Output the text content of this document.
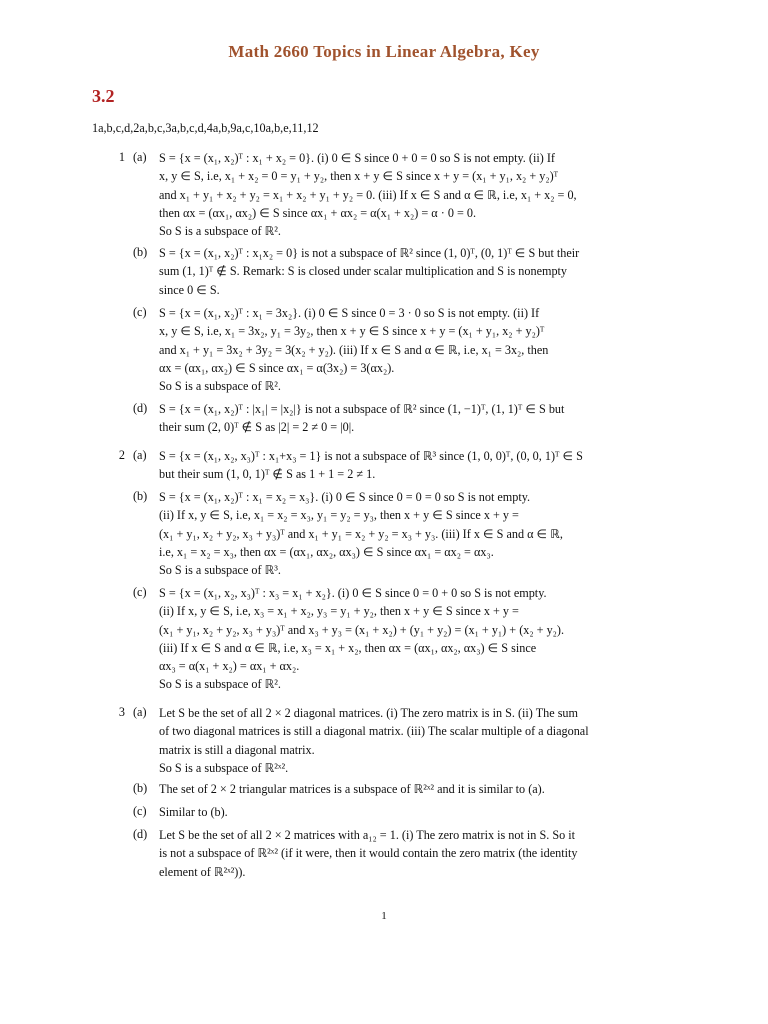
Math 2660 Topics in Linear Algebra, Key
3.2
1a,b,c,d,2a,b,c,3a,b,c,d,4a,b,9a,c,10a,b,e,11,12
1 (a)	S = {x = (x₁, x₂)ᵀ : x₁ + x₂ = 0}. (i) 0 ∈ S since 0 + 0 = 0 so S is not empty. (ii) If
x, y ∈ S, i.e, x₁ + x₂ = 0 = y₁ + y₂, then x + y ∈ S since x + y = (x₁ + y₁, x₂ + y₂)ᵀ
and x₁ + y₁ + x₂ + y₂ = x₁ + x₂ + y₁ + y₂ = 0. (iii) If x ∈ S and α ∈ ℝ, i.e, x₁ + x₂ = 0,
then αx = (αx₁, αx₂) ∈ S since αx₁ + αx₂ = α(x₁ + x₂) = α · 0 = 0.
So S is a subspace of ℝ².
(b) S = {x = (x₁, x₂)ᵀ : x₁x₂ = 0} is not a subspace of ℝ² since (1, 0)ᵀ, (0, 1)ᵀ ∈ S but their
sum (1, 1)ᵀ ∉ S. Remark: S is closed under scalar multiplication and S is nonempty
since 0 ∈ S.
(c)	S = {x = (x₁, x₂)ᵀ : x₁ = 3x₂}. (i) 0 ∈ S since 0 = 3 · 0 so S is not empty. (ii) If
x, y ∈ S, i.e, x₁ = 3x₂, y₁ = 3y₂, then x + y ∈ S since x + y = (x₁ + y₁, x₂ + y₂)ᵀ
and x₁ + y₁ = 3x₂ + 3y₂ = 3(x₂ + y₂). (iii) If x ∈ S and α ∈ ℝ, i.e, x₁ = 3x₂, then
αx = (αx₁, αx₂) ∈ S since αx₁ = α(3x₂) = 3(αx₂).
So S is a subspace of ℝ².
(d) S = {x = (x₁, x₂)ᵀ : |x₁| = |x₂|} is not a subspace of ℝ² since (1, −1)ᵀ, (1, 1)ᵀ ∈ S but
their sum (2, 0)ᵀ ∉ S as |2| = 2 ≠ 0 = |0|.
2 (a)	S = {x = (x₁, x₂, x₃)ᵀ : x₁+x₃ = 1} is not a subspace of ℝ³ since (1, 0, 0)ᵀ, (0, 0, 1)ᵀ ∈ S
but their sum (1, 0, 1)ᵀ ∉ S as 1 + 1 = 2 ≠ 1.
(b) S = {x = (x₁, x₂)ᵀ : x₁ = x₂ = x₃}. (i) 0 ∈ S since 0 = 0 = 0 so S is not empty.
(ii) If x, y ∈ S, i.e, x₁ = x₂ = x₃, y₁ = y₂ = y₃, then x + y ∈ S since x + y =
(x₁ + y₁, x₂ + y₂, x₃ + y₃)ᵀ and x₁ + y₁ = x₂ + y₂ = x₃ + y₃. (iii) If x ∈ S and α ∈ ℝ,
i.e, x₁ = x₂ = x₃, then αx = (αx₁, αx₂, αx₃) ∈ S since αx₁ = αx₂ = αx₃.
So S is a subspace of ℝ³.
(c)	S = {x = (x₁, x₂, x₃)ᵀ : x₃ = x₁ + x₂}. (i) 0 ∈ S since 0 = 0 + 0 so S is not empty.
(ii) If x, y ∈ S, i.e, x₃ = x₁ + x₂, y₃ = y₁ + y₂, then x + y ∈ S since x + y =
(x₁ + y₁, x₂ + y₂, x₃ + y₃)ᵀ and x₃ + y₃ = (x₁ + x₂) + (y₁ + y₂) = (x₁ + y₁) + (x₂ + y₂).
(iii) If x ∈ S and α ∈ ℝ, i.e, x₃ = x₁ + x₂, then αx = (αx₁, αx₂, αx₃) ∈ S since
αx₃ = α(x₁ + x₂) = αx₁ + αx₂.
So S is a subspace of ℝ².
3 (a)	Let S be the set of all 2 × 2 diagonal matrices. (i) The zero matrix is in S. (ii) The sum
of two diagonal matrices is still a diagonal matrix. (iii) The scalar multiple of a diagonal
matrix is still a diagonal matrix.
So S is a subspace of ℝ²ˣ².
(b) The set of 2 × 2 triangular matrices is a subspace of ℝ²ˣ² and it is similar to (a).
(c)	Similar to (b).
(d) Let S be the set of all 2 × 2 matrices with a₁₂ = 1. (i) The zero matrix is not in S. So it
is not a subspace of ℝ²ˣ² (if it were, then it would contain the zero matrix (the identity
element of ℝ²ˣ²)).
1
